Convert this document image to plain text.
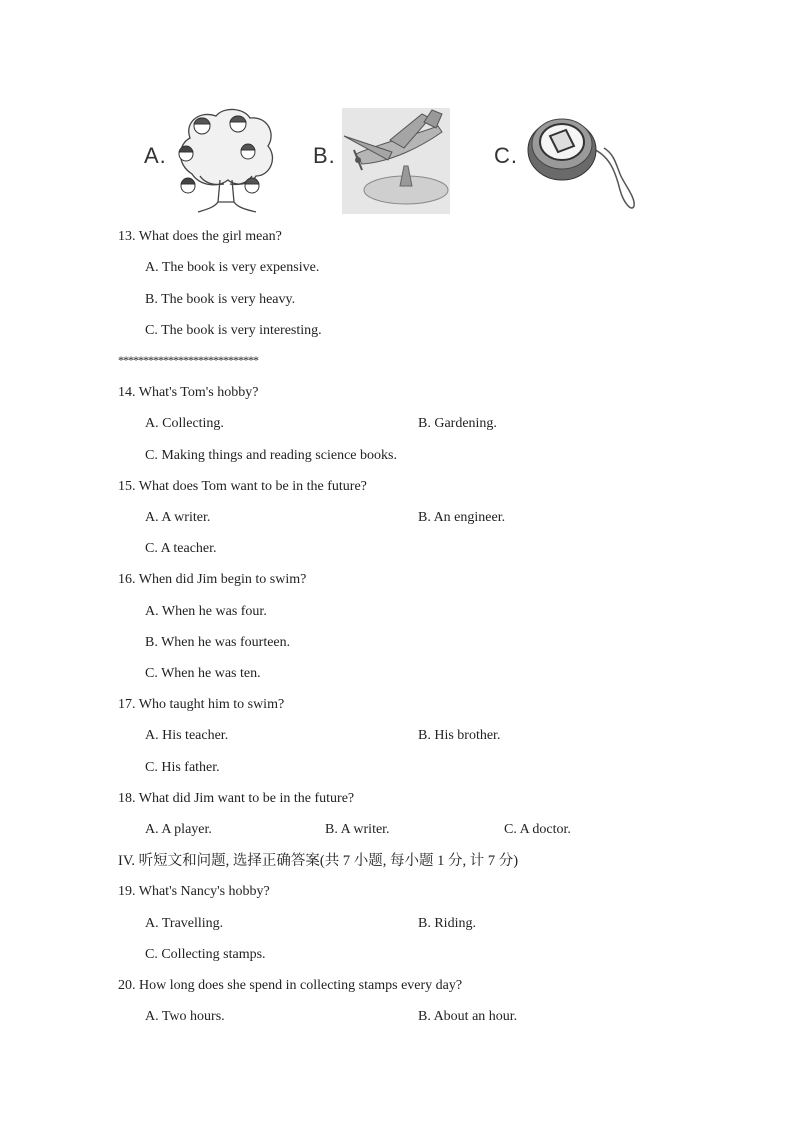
A.	B.	C.
13. What does the girl mean?
A. The book is very expensive.
B. The book is very heavy.
C. The book is very interesting.
****************************
14. What's Tom's hobby?
A. Collecting.	B. Gardening.
C. Making things and reading science books.
15. What does Tom want to be in the future?
A. A writer.	B. An engineer.
C. A teacher.
16. When did Jim begin to swim?
A. When he was four.
B. When he was fourteen.
C. When he was ten.
17. Who taught him to swim?
A. His teacher.	B. His brother.
C. His father.
18. What did Jim want to be in the future?
A. A player.	B. A writer.	C. A doctor.
IV. 听短文和问题, 选择正确答案(共 7 小题, 每小题 1 分, 计 7 分)
19. What's Nancy's hobby?
A. Travelling.	B. Riding.
C. Collecting stamps.
20. How long does she spend in collecting stamps every day?
A. Two hours.	B. About an hour.
